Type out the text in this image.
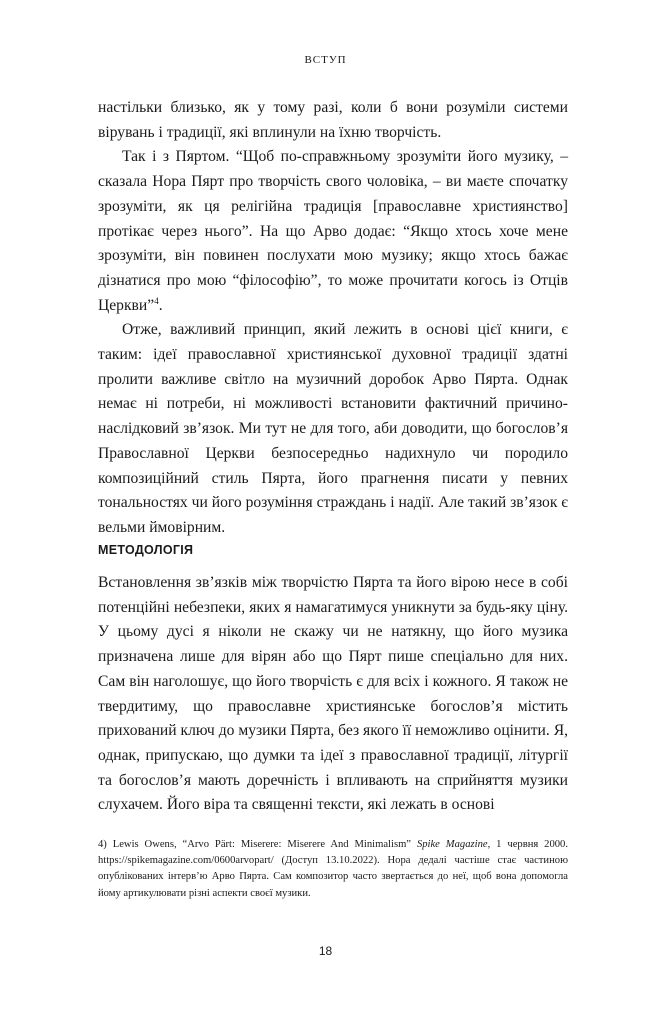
ВСТУП

настільки близько, як у тому разі, коли б вони розуміли системи вірувань і традиції, які вплинули на їхню творчість.

Так і з Пяртом. “Щоб по-справжньому зрозуміти його музику, – сказала Нора Пярт про творчість свого чоловіка, – ви маєте спочатку зрозуміти, як ця релігійна традиція [православне християнство] протікає через нього”. На що Арво додає: “Якщо хтось хоче мене зрозуміти, він повинен послухати мою музику; якщо хтось бажає дізнатися про мою “філософію”, то може прочитати когось із Отців Церкви”$^4$.

Отже, важливий принцип, який лежить в основі цієї книги, є таким: ідеї православної християнської духовної традиції здатні пролити важливе світло на музичний доробок Арво Пярта. Однак немає ні потреби, ні можливості встановити фактичний причино-наслідковий зв’язок. Ми тут не для того, аби доводити, що богослов’я Православної Церкви безпосередньо надихнуло чи породило композиційний стиль Пярта, його прагнення писати у певних тональностях чи його розуміння страждань і надії. Але такий зв’язок є вельми ймовірним.

МЕТОДОЛОГІЯ

Встановлення зв’язків між творчістю Пярта та його вірою несе в собі потенційні небезпеки, яких я намагатимуся уникнути за будь-яку ціну. У цьому дусі я ніколи не скажу чи не натякну, що його музика призначена лише для вірян або що Пярт пише спеціально для них. Сам він наголошує, що його творчість є для всіх і кожного. Я також не твердитиму, що православне християнське богослов’я містить прихований ключ до музики Пярта, без якого її неможливо оцінити. Я, однак, припускаю, що думки та ідеї з православної традиції, літургії та богослов’я мають доречність і впливають на сприйняття музики слухачем. Його віра та священні тексти, які лежать в основі

4) Lewis Owens, “Arvo Pärt: Miserere: Miserere And Minimalism” Spike Magazine, 1 червня 2000. https://spikemagazine.com/0600arvopart/ (Доступ 13.10.2022). Нора дедалі частіше стає частиною опублікованих інтерв’ю Арво Пярта. Сам композитор часто звертається до неї, щоб вона допомогла йому артикулювати різні аспекти своєї музики.
18
